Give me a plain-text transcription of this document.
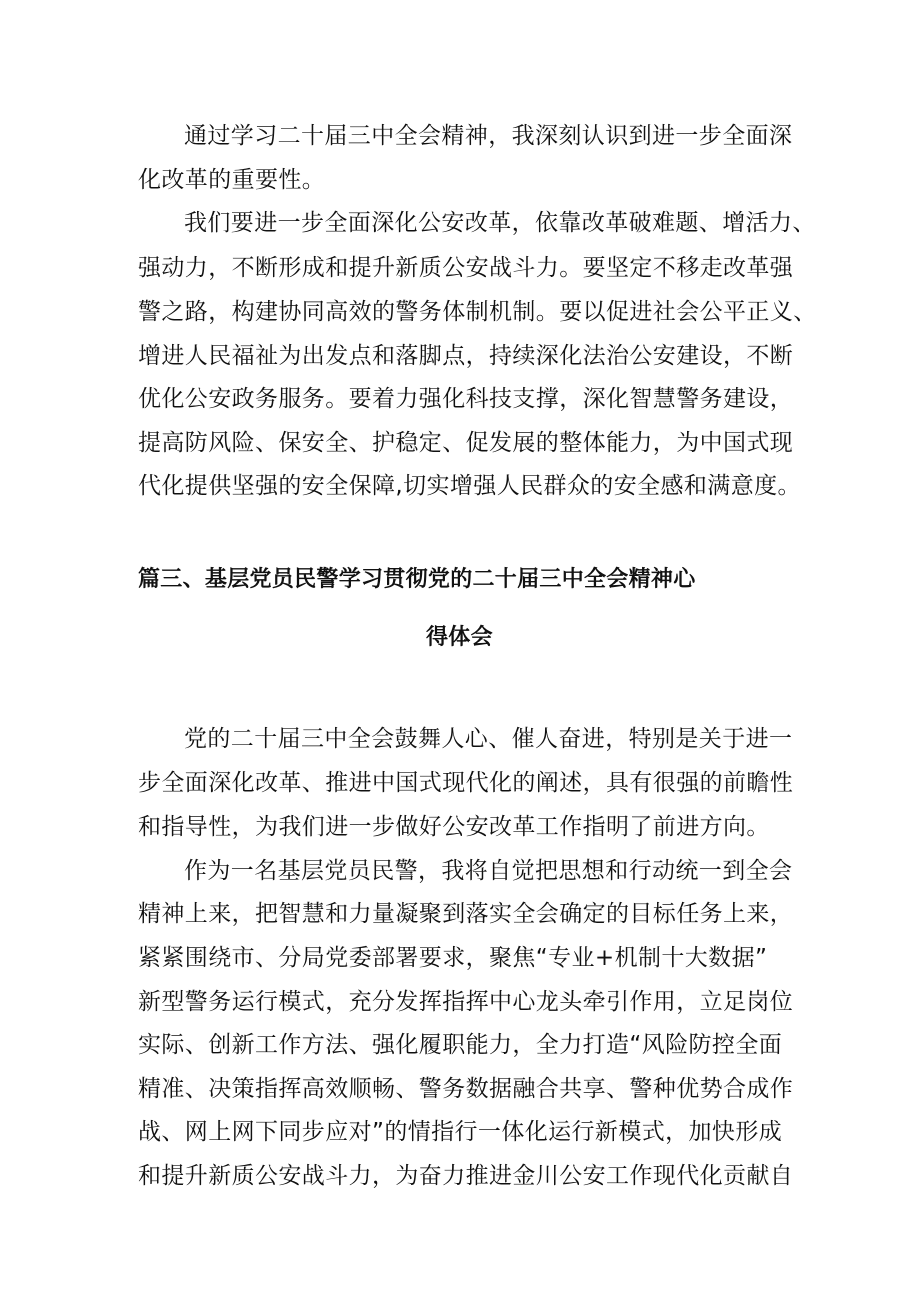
通过学习二十届三中全会精神，我深刻认识到进一步全面深
化改革的重要性。
我们要进一步全面深化公安改革，依靠改革破难题、增活力、
强动力，不断形成和提升新质公安战斗力。要坚定不移走改革强
警之路，构建协同高效的警务体制机制。要以促进社会公平正义、
增进人民福祉为出发点和落脚点，持续深化法治公安建设，不断
优化公安政务服务。要着力强化科技支撑，深化智慧警务建设，
提高防风险、保安全、护稳定、促发展的整体能力，为中国式现
代化提供坚强的安全保障,切实增强人民群众的安全感和满意度。
篇三、基层党员民警学习贯彻党的二十届三中全会精神心
得体会
党的二十届三中全会鼓舞人心、催人奋进，特别是关于进一
步全面深化改革、推进中国式现代化的阐述，具有很强的前瞻性
和指导性，为我们进一步做好公安改革工作指明了前进方向。
作为一名基层党员民警，我将自觉把思想和行动统一到全会
精神上来，把智慧和力量凝聚到落实全会确定的目标任务上来，
紧紧围绕市、分局党委部署要求，聚焦“专业+机制十大数据”
新型警务运行模式，充分发挥指挥中心龙头牵引作用，立足岗位
实际、创新工作方法、强化履职能力，全力打造“风险防控全面
精准、决策指挥高效顺畅、警务数据融合共享、警种优势合成作
战、网上网下同步应对”的情指行一体化运行新模式，加快形成
和提升新质公安战斗力，为奋力推进金川公安工作现代化贡献自
